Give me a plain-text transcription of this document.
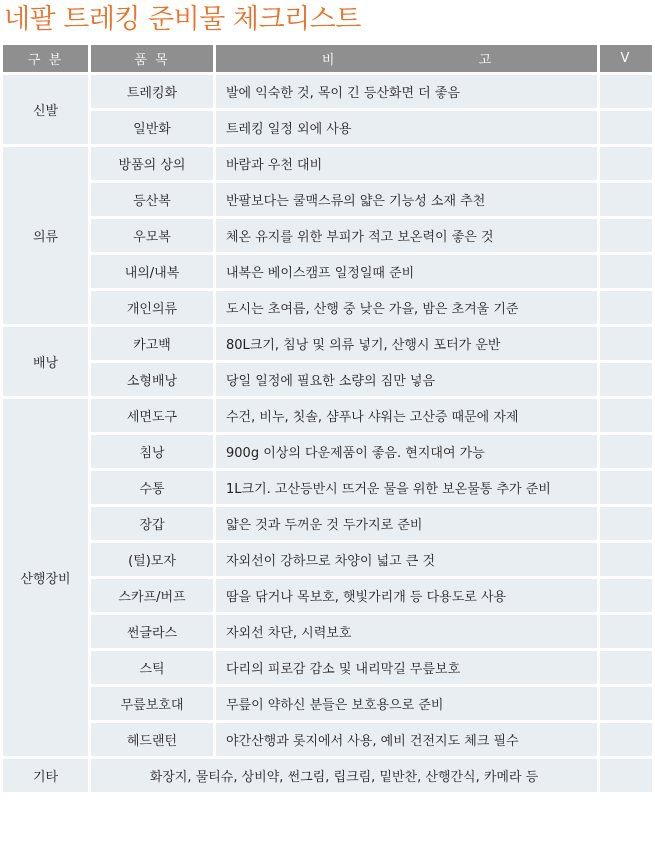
네팔 트레킹 준비물 체크리스트
구 분	품 목	비 고	V
신발	트레킹화	발에 익숙한 것, 목이 긴 등산화면 더 좋음	
	일반화	트레킹 일정 외에 사용	
의류	방품의 상의	바람과 우천 대비	
	등산복	반팔보다는 쿨맥스류의 얇은 기능성 소재 추천	
	우모복	체온 유지를 위한 부피가 적고 보온력이 좋은 것	
	내의/내복	내복은 베이스캠프 일정일때 준비	
	개인의류	도시는 초여름, 산행 중 낮은 가을, 밤은 초겨울 기준	
배낭	카고백	80L크기, 침낭 및 의류 넣기, 산행시 포터가 운반	
	소형배낭	당일 일정에 필요한 소량의 짐만 넣음	
산행장비	세면도구	수건, 비누, 칫솔, 샴푸나 샤워는 고산증 때문에 자제	
	침낭	900g 이상의 다운제품이 좋음. 현지대여 가능	
	수통	1L크기. 고산등반시 뜨거운 물을 위한 보온물통 추가 준비	
	장갑	얇은 것과 두꺼운 것 두가지로 준비	
	(털)모자	자외선이 강하므로 차양이 넓고 큰 것	
	스카프/버프	땀을 닦거나 목보호, 햇빛가리개 등 다용도로 사용	
	썬글라스	자외선 차단, 시력보호	
	스틱	다리의 피로감 감소 및 내리막길 무릎보호	
	무릎보호대	무릎이 약하신 분들은 보호용으로 준비	
	헤드랜턴	야간산행과 롯지에서 사용, 예비 건전지도 체크 필수	
기타	화장지, 물티슈, 상비약, 썬그림, 립크림, 밑반찬, 산행간식, 카메라 등		
